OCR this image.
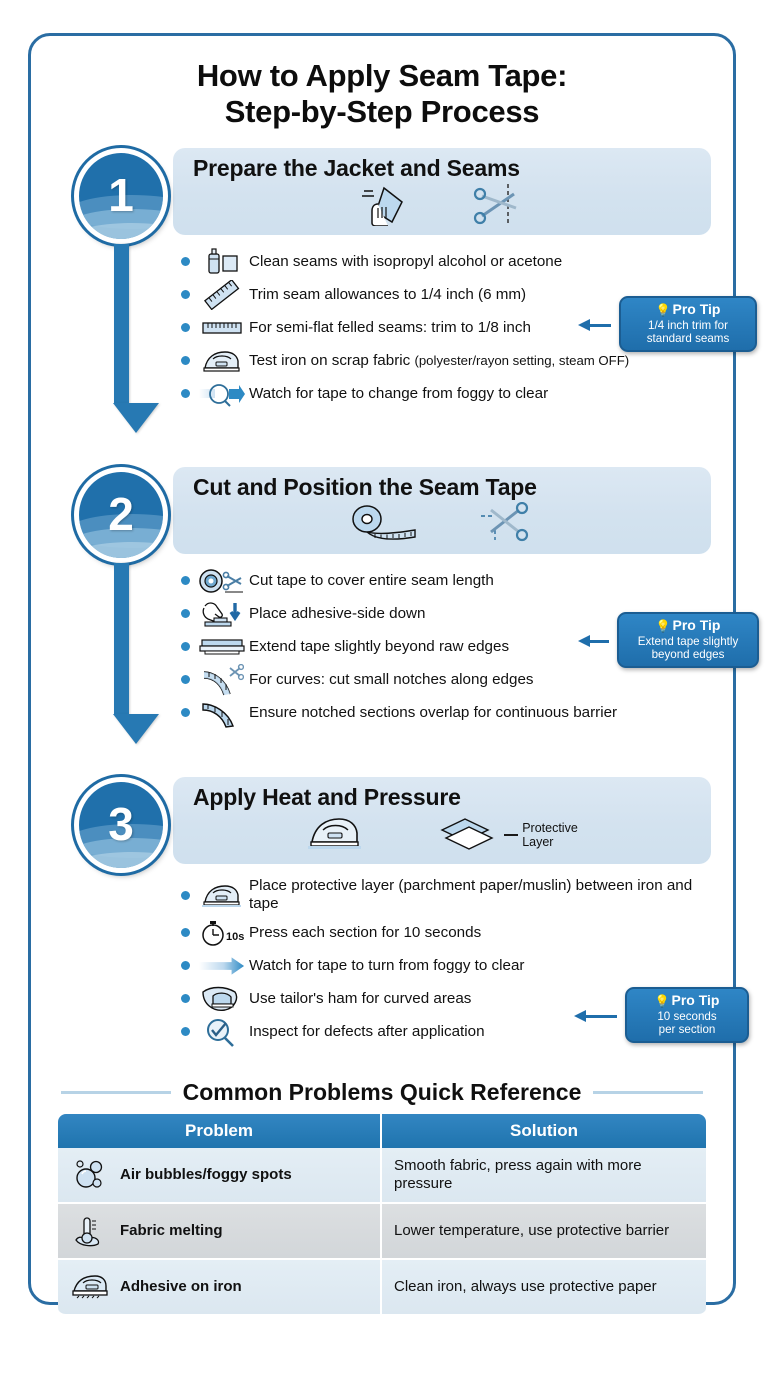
How to Apply Seam Tape:
Step-by-Step Process
1
Prepare the Jacket and Seams
Clean seams with isopropyl alcohol or acetone
Trim seam allowances to 1/4 inch (6 mm)
For semi-flat felled seams: trim to 1/8 inch
Test iron on scrap fabric (polyester/rayon setting, steam OFF)
Watch for tape to change from foggy to clear
💡 Pro Tip
1/4 inch trim for
standard seams
2
Cut and Position the Seam Tape
Cut tape to cover entire seam length
Place adhesive-side down
Extend tape slightly beyond raw edges
For curves: cut small notches along edges
Ensure notched sections overlap for continuous barrier
💡 Pro Tip
Extend tape slightly
beyond edges
3
Apply Heat and Pressure
Protective
Layer
Place protective layer (parchment paper/muslin) between iron and tape
10s Press each section for 10 seconds
Watch for tape to turn from foggy to clear
Use tailor's ham for curved areas
Inspect for defects after application
💡 Pro Tip
10 seconds
per section
Common Problems Quick Reference
Problem	Solution

Air bubbles/foggy spots	Smooth fabric, press again with more pressure

Fabric melting	Lower temperature, use protective barrier

Adhesive on iron	Clean iron, always use protective paper
